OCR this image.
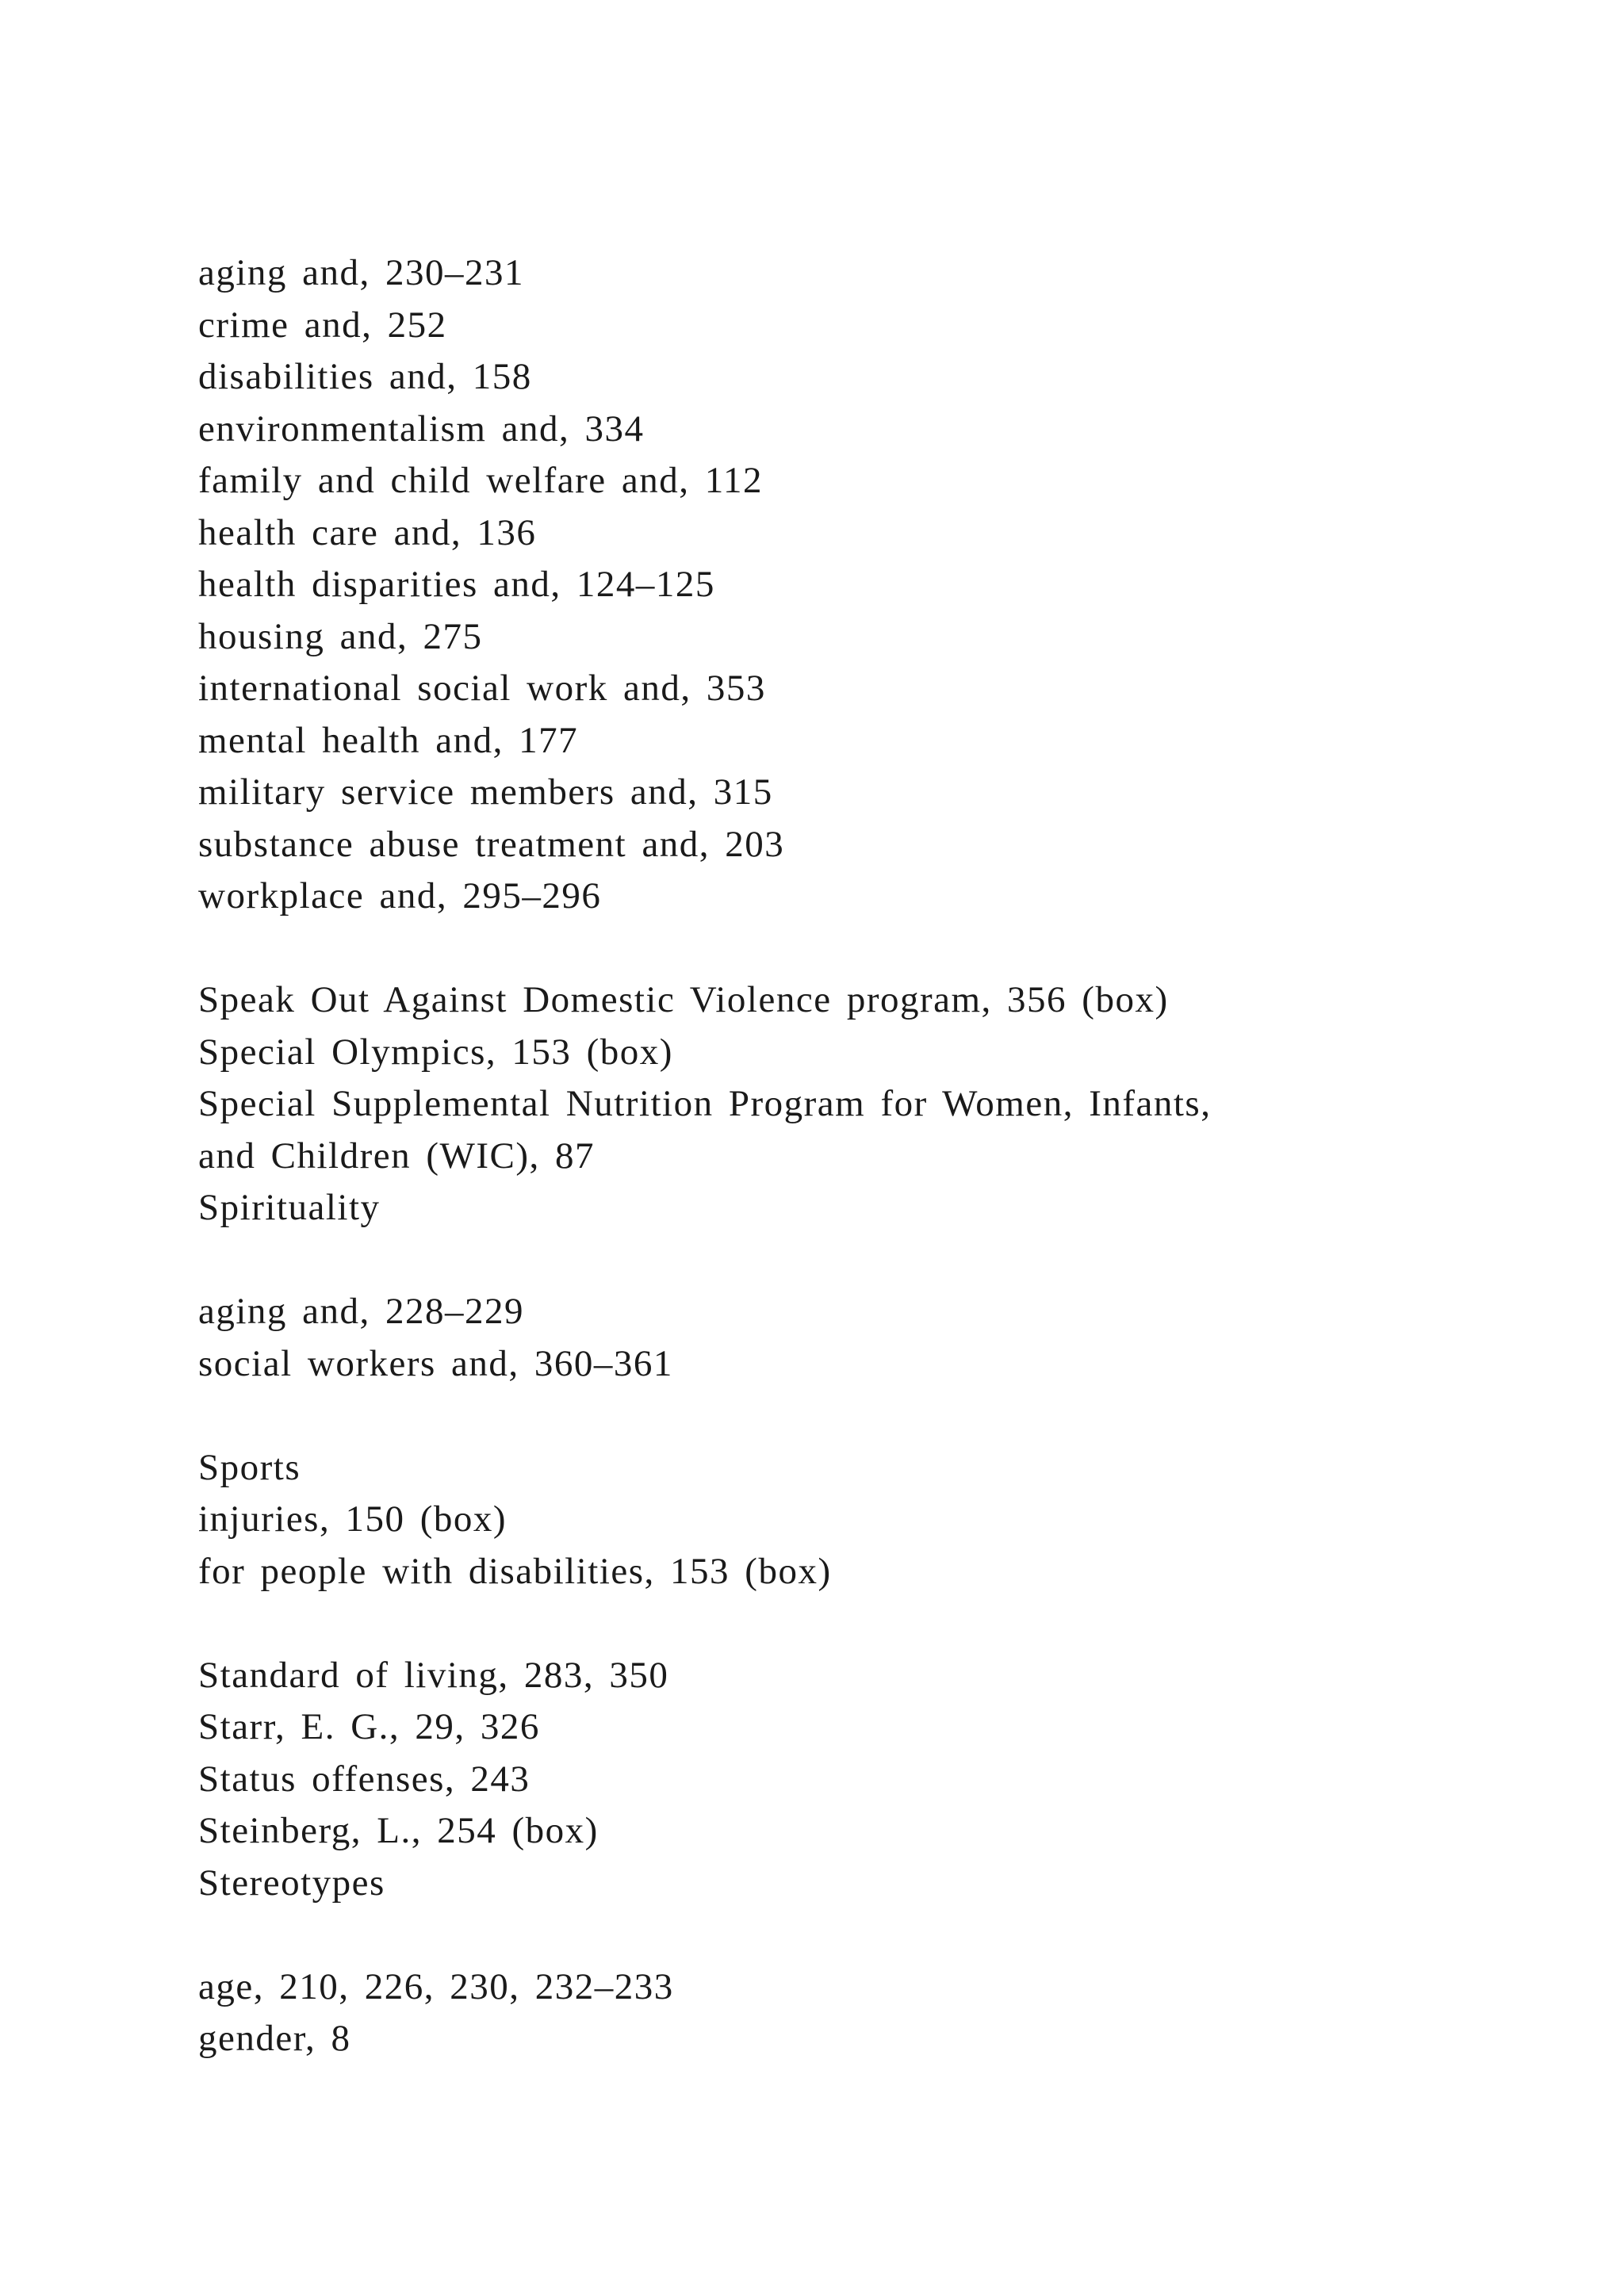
aging and, 230–231
crime and, 252
disabilities and, 158
environmentalism and, 334
family and child welfare and, 112
health care and, 136
health disparities and, 124–125
housing and, 275
international social work and, 353
mental health and, 177
military service members and, 315
substance abuse treatment and, 203
workplace and, 295–296
Speak Out Against Domestic Violence program, 356 (box)
Special Olympics, 153 (box)
Special Supplemental Nutrition Program for Women, Infants,
and Children (WIC), 87
Spirituality
aging and, 228–229
social workers and, 360–361
Sports
injuries, 150 (box)
for people with disabilities, 153 (box)
Standard of living, 283, 350
Starr, E. G., 29, 326
Status offenses, 243
Steinberg, L., 254 (box)
Stereotypes
age, 210, 226, 230, 232–233
gender, 8
